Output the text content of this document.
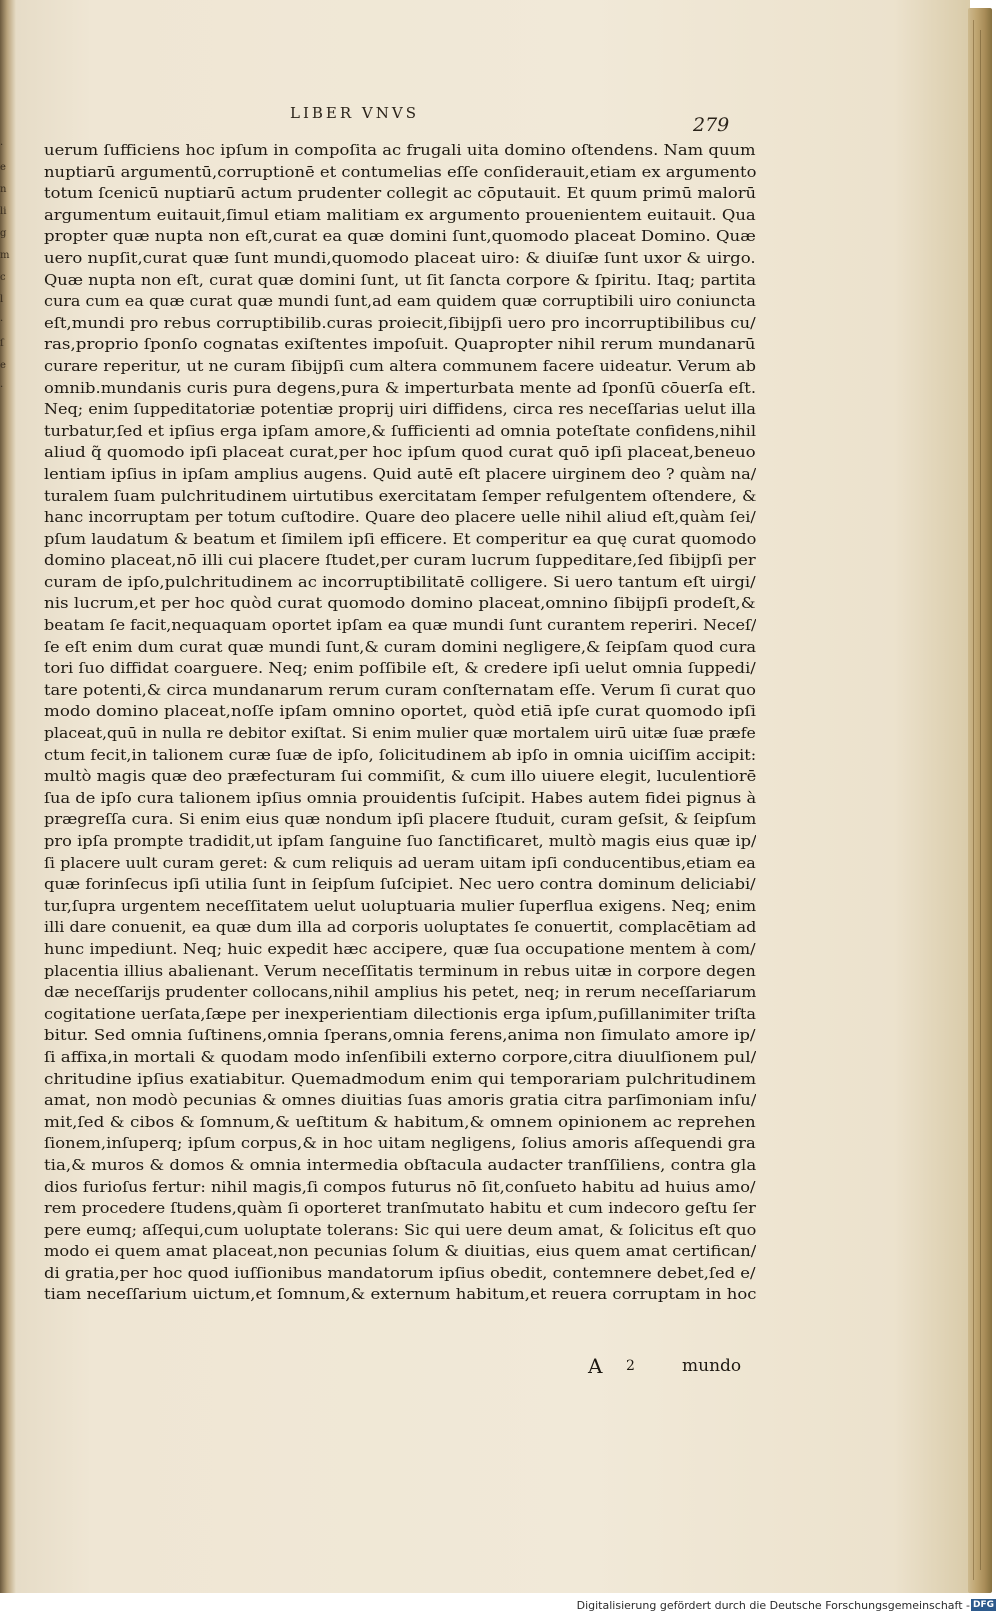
·
e
n
li
g
m
c
l
·
ſ
e
·
LIBER VNVS
279
uerum ſufficiens hoc ipſum in compoſita ac frugali uita domino oſtendens. Nam quum
nuptiarū argumentū,corruptionē et contumelias eſſe conſiderauit,etiam ex argumento
totum ſcenicū nuptiarū actum prudenter collegit ac cōputauit. Et quum primū malorū
argumentum euitauit,ſimul etiam malitiam ex argumento prouenientem euitauit. Qua
propter quæ nupta non eſt,curat ea quæ domini ſunt,quomodo placeat Domino. Quæ
uero nupſit,curat quæ ſunt mundi,quomodo placeat uiro: & diuiſæ ſunt uxor & uirgo.
Quæ nupta non eſt, curat quæ domini ſunt, ut ſit ſancta corpore & ſpiritu. Itaq; partita
cura cum ea quæ curat quæ mundi ſunt,ad eam quidem quæ corruptibili uiro coniuncta
eſt,mundi pro rebus corruptibilib.curas proiecit,ſibijpſi uero pro incorruptibilibus cu/
ras,proprio ſponſo cognatas exiſtentes impoſuit. Quapropter nihil rerum mundanarū
curare reperitur, ut ne curam ſibijpſi cum altera communem facere uideatur. Verum ab
omnib.mundanis curis pura degens,pura & imperturbata mente ad ſponſū cōuerſa eſt.
Neq; enim ſuppeditatoriæ potentiæ proprij uiri diffidens, circa res neceſſarias uelut illa
turbatur,ſed et ipſius erga ipſam amore,& ſufficienti ad omnia poteſtate confidens,nihil
aliud q̃ quomodo ipſi placeat curat,per hoc ipſum quod curat quō ipſi placeat,beneuo
lentiam ipſius in ipſam amplius augens. Quid autē eſt placere uirginem deo ? quàm na/
turalem ſuam pulchritudinem uirtutibus exercitatam ſemper refulgentem oſtendere, &
hanc incorruptam per totum cuſtodire. Quare deo placere uelle nihil aliud eſt,quàm ſei/
pſum laudatum & beatum et ſimilem ipſi efficere. Et comperitur ea quę curat quomodo
domino placeat,nō illi cui placere ſtudet,per curam lucrum ſuppeditare,ſed ſibijpſi per
curam de ipſo,pulchritudinem ac incorruptibilitatē colligere. Si uero tantum eſt uirgi/
nis lucrum,et per hoc quòd curat quomodo domino placeat,omnino ſibijpſi prodeſt,&
beatam ſe facit,nequaquam oportet ipſam ea quæ mundi ſunt curantem reperiri. Neceſ/
ſe eſt enim dum curat quæ mundi ſunt,& curam domini negligere,& ſeipſam quod cura
tori ſuo diffidat coarguere. Neq; enim poſſibile eſt, & credere ipſi uelut omnia ſuppedi/
tare potenti,& circa mundanarum rerum curam conſternatam eſſe. Verum ſi curat quo
modo domino placeat,noſſe ipſam omnino oportet, quòd etiā ipſe curat quomodo ipſi
placeat,quū in nulla re debitor exiſtat. Si enim mulier quæ mortalem uirū uitæ ſuæ præfe
ctum fecit,in talionem curæ ſuæ de ipſo, ſolicitudinem ab ipſo in omnia uiciſſim accipit:
multò magis quæ deo præfecturam ſui commiſit, & cum illo uiuere elegit, luculentiorē
ſua de ipſo cura talionem ipſius omnia prouidentis ſuſcipit. Habes autem fidei pignus à
prægreſſa cura. Si enim eius quæ nondum ipſi placere ſtuduit, curam geſsit, & ſeipſum
pro ipſa prompte tradidit,ut ipſam ſanguine ſuo ſanctificaret, multò magis eius quæ ip/
ſi placere uult curam geret: & cum reliquis ad ueram uitam ipſi conducentibus,etiam ea
quæ forinſecus ipſi utilia ſunt in ſeipſum ſuſcipiet. Nec uero contra dominum deliciabi/
tur,ſupra urgentem neceſſitatem uelut uoluptuaria mulier ſuperflua exigens. Neq; enim
illi dare conuenit, ea quæ dum illa ad corporis uoluptates ſe conuertit, complacētiam ad
hunc impediunt. Neq; huic expedit hæc accipere, quæ ſua occupatione mentem à com/
placentia illius abalienant. Verum neceſſitatis terminum in rebus uitæ in corpore degen
dæ neceſſarijs prudenter collocans,nihil amplius his petet, neq; in rerum neceſſariarum
cogitatione uerſata,ſæpe per inexperientiam dilectionis erga ipſum,puſillanimiter triſta
bitur. Sed omnia ſuſtinens,omnia ſperans,omnia ferens,anima non ſimulato amore ip/
ſi affixa,in mortali & quodam modo inſenſibili externo corpore,citra diuulſionem pul/
chritudine ipſius exatiabitur. Quemadmodum enim qui temporariam pulchritudinem
amat, non modò pecunias & omnes diuitias ſuas amoris gratia citra parſimoniam inſu/
mit,ſed & cibos & ſomnum,& ueſtitum & habitum,& omnem opinionem ac reprehen
ſionem,inſuperq; ipſum corpus,& in hoc uitam negligens, ſolius amoris aſſequendi gra
tia,& muros & domos & omnia intermedia obſtacula audacter tranſſiliens, contra gla
dios furioſus fertur: nihil magis,ſi compos futurus nō ſit,conſueto habitu ad huius amo/
rem procedere ſtudens,quàm ſi oporteret tranſmutato habitu et cum indecoro geſtu ſer
pere eumq; aſſequi,cum uoluptate tolerans: Sic qui uere deum amat, & ſolicitus eſt quo
modo ei quem amat placeat,non pecunias ſolum & diuitias, eius quem amat certifican/
di gratia,per hoc quod iuſſionibus mandatorum ipſius obedit, contemnere debet,ſed e/
tiam neceſſarium uictum,et ſomnum,& externum habitum,et reuera corruptam in hoc
A 2	mundo
Digitalisierung gefördert durch die Deutsche Forschungsgemeinschaft - DFG
